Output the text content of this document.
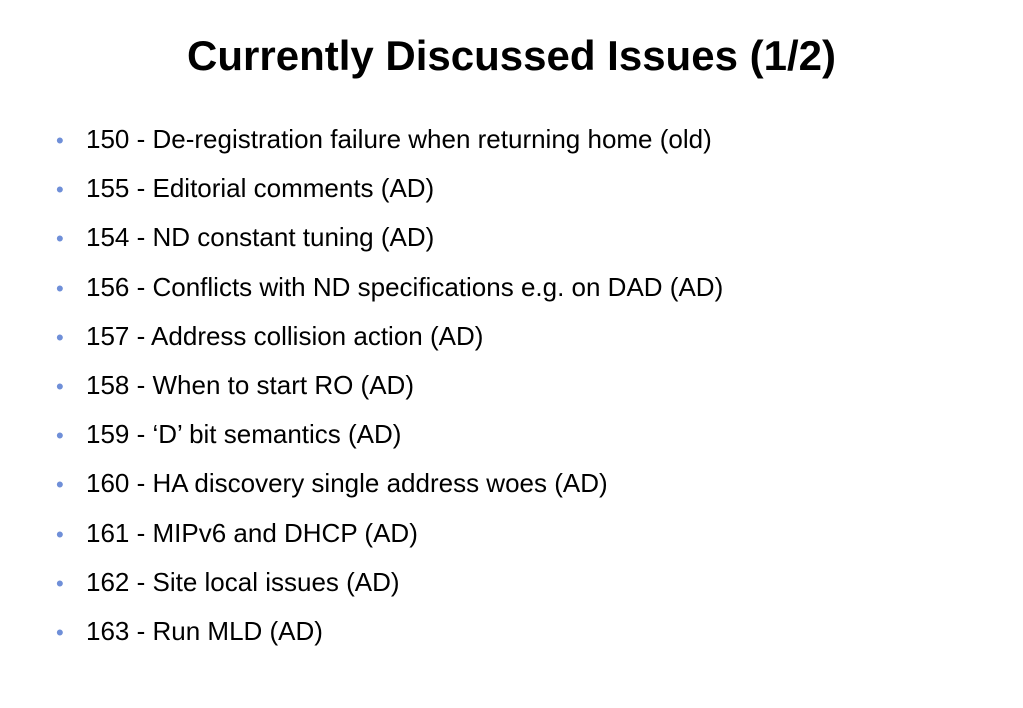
Currently Discussed Issues (1/2)
• 150 - De-registration failure when returning home (old)
• 155 - Editorial comments (AD)
• 154 - ND constant tuning (AD)
• 156 - Conflicts with ND specifications e.g. on DAD (AD)
• 157 - Address collision action (AD)
• 158 - When to start RO (AD)
• 159 - ‘D’ bit semantics (AD)
• 160 - HA discovery single address woes (AD)
• 161 - MIPv6 and DHCP (AD)
• 162 - Site local issues (AD)
• 163 - Run MLD (AD)
